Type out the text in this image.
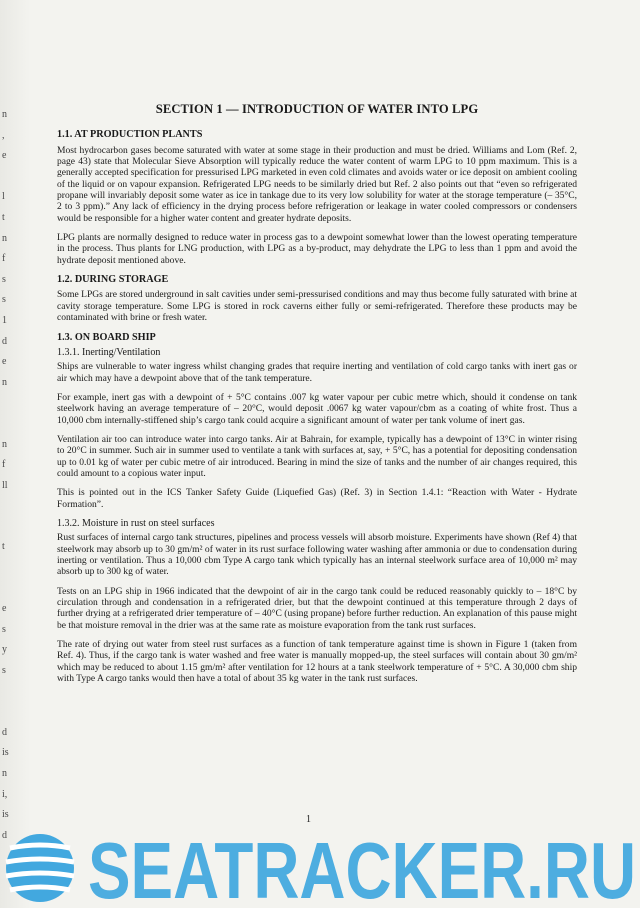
n
,
e

l
t
n
f
s
s
1
d
e
n

n
f
ll

t

e
s
y
s

d
is
n
i,
is
d
SECTION 1 — INTRODUCTION OF WATER INTO LPG
1.1. AT PRODUCTION PLANTS

Most hydrocarbon gases become saturated with water at some stage in their production and must be dried. Williams and Lom (Ref. 2, page 43) state that Molecular Sieve Absorption will typically reduce the water content of warm LPG to 10 ppm maximum. This is a generally accepted specification for pressurised LPG marketed in even cold climates and avoids water or ice deposit on ambient cooling of the liquid or on vapour expansion. Refrigerated LPG needs to be similarly dried but Ref. 2 also points out that “even so refrigerated propane will invariably deposit some water as ice in tankage due to its very low solubility for water at the storage temperature (– 35°C, 2 to 3 ppm).” Any lack of efficiency in the drying process before refrigeration or leakage in water cooled compressors or condensers would be responsible for a higher water content and greater hydrate deposits.

LPG plants are normally designed to reduce water in process gas to a dewpoint somewhat lower than the lowest operating temperature in the process. Thus plants for LNG production, with LPG as a by-product, may dehydrate the LPG to less than 1 ppm and avoid the hydrate deposit mentioned above.

1.2. DURING STORAGE

Some LPGs are stored underground in salt cavities under semi-pressurised conditions and may thus become fully saturated with brine at cavity storage temperature. Some LPG is stored in rock caverns either fully or semi-refrigerated. Therefore these products may be contaminated with brine or fresh water.

1.3. ON BOARD SHIP
1.3.1. Inerting/Ventilation

Ships are vulnerable to water ingress whilst changing grades that require inerting and ventilation of cold cargo tanks with inert gas or air which may have a dewpoint above that of the tank temperature.

For example, inert gas with a dewpoint of + 5°C contains .007 kg water vapour per cubic metre which, should it condense on tank steelwork having an average temperature of – 20°C, would deposit .0067 kg water vapour/cbm as a coating of white frost. Thus a 10,000 cbm internally-stiffened ship’s cargo tank could acquire a significant amount of water per tank volume of inert gas.

Ventilation air too can introduce water into cargo tanks. Air at Bahrain, for example, typically has a dewpoint of 13°C in winter rising to 20°C in summer. Such air in summer used to ventilate a tank with surfaces at, say, + 5°C, has a potential for depositing condensation up to 0.01 kg of water per cubic metre of air introduced. Bearing in mind the size of tanks and the number of air changes required, this could amount to a copious water input.

This is pointed out in the ICS Tanker Safety Guide (Liquefied Gas) (Ref. 3) in Section 1.4.1: “Reaction with Water - Hydrate Formation”.

1.3.2. Moisture in rust on steel surfaces

Rust surfaces of internal cargo tank structures, pipelines and process vessels will absorb moisture. Experiments have shown (Ref 4) that steelwork may absorb up to 30 gm/m² of water in its rust surface following water washing after ammonia or due to condensation during inerting or ventilation. Thus a 10,000 cbm Type A cargo tank which typically has an internal steelwork surface area of 10,000 m² may absorb up to 300 kg of water.

Tests on an LPG ship in 1966 indicated that the dewpoint of air in the cargo tank could be reduced reasonably quickly to – 18°C by circulation through and condensation in a refrigerated drier, but that the dewpoint continued at this temperature through 2 days of further drying at a refrigerated drier temperature of – 40°C (using propane) before further reduction. An explanation of this pause might be that moisture removal in the drier was at the same rate as moisture evaporation from the tank rust surfaces.

The rate of drying out water from steel rust surfaces as a function of tank temperature against time is shown in Figure 1 (taken from Ref. 4). Thus, if the cargo tank is water washed and free water is manually mopped-up, the steel surfaces will contain about 30 gm/m² which may be reduced to about 1.15 gm/m² after ventilation for 12 hours at a tank steelwork temperature of + 5°C. A 30,000 cbm ship with Type A cargo tanks would then have a total of about 35 kg water in the tank rust surfaces.

1
SEATRACKER.RU
